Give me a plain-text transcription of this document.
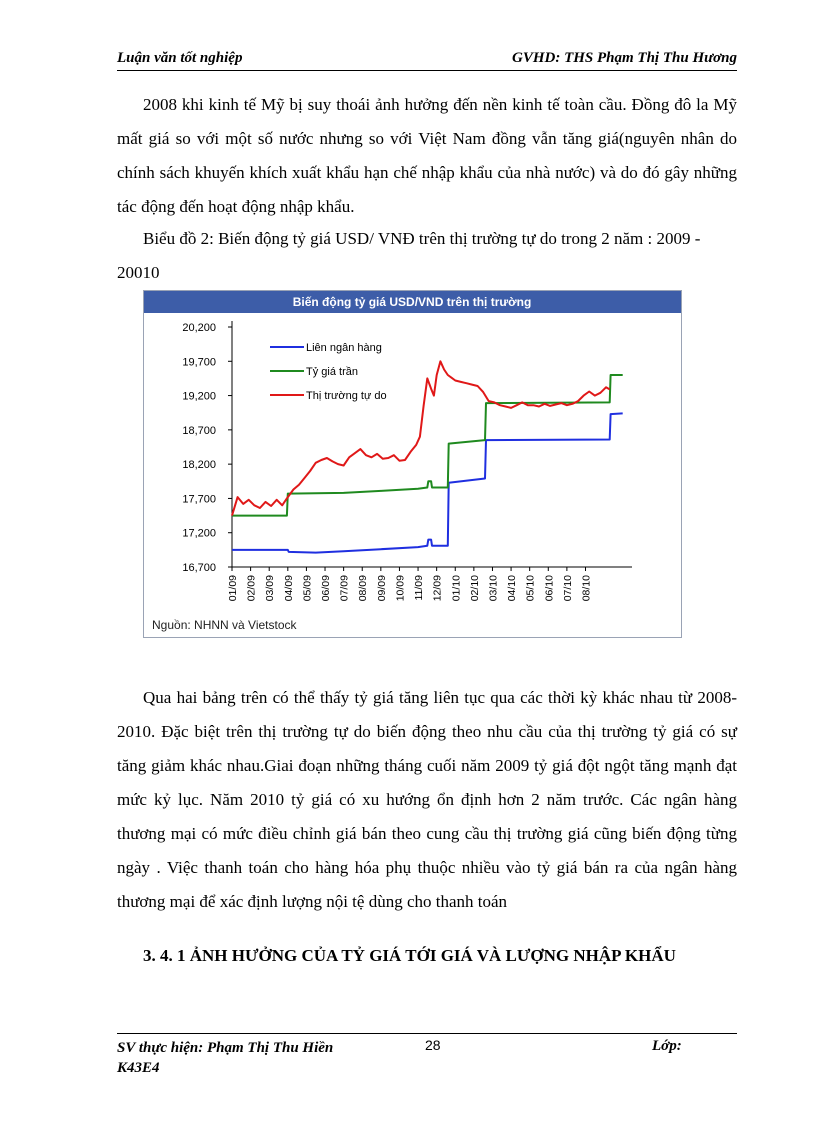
Luận văn tốt nghiệp	GVHD: THS Phạm Thị Thu Hương

2008 khi kinh tế Mỹ bị suy thoái ảnh hưởng đến nền kinh tế toàn cầu. Đồng đô la Mỹ mất giá so với một số nước nhưng so với Việt Nam đồng vẫn tăng giá(nguyên nhân do chính sách khuyến khích xuất khẩu hạn chế nhập khẩu của nhà nước) và do đó gây những tác động đến hoạt động nhập khẩu.

Biểu đồ 2: Biến động tỷ giá USD/ VNĐ trên thị trường tự do trong 2 năm : 2009 - 20010

Biến động tỷ giá USD/VND trên thị trường
20,200
19,700
19,200
18,700
18,200
17,700
17,200
16,700
01/09 02/09 03/09 04/09 05/09 06/09 07/09 08/09 09/09 10/09 11/09 12/09 01/10 02/10 03/10 04/10 05/10 06/10 07/10 08/10
Liên ngân hàng
Tỷ giá trần
Thị trường tự do
Nguồn: NHNN và Vietstock

Qua hai bảng trên có thể thấy tỷ giá tăng liên tục qua các thời kỳ khác nhau từ 2008-2010. Đặc biệt trên thị trường tự do biến động theo nhu cầu của thị trường tỷ giá có sự tăng giảm khác nhau.Giai đoạn những tháng cuối năm 2009 tỷ giá đột ngột tăng mạnh đạt mức kỷ lục. Năm 2010 tỷ giá có xu hướng ổn định hơn 2 năm trước. Các ngân hàng thương mại có mức điều chỉnh giá bán theo cung cầu thị trường giá cũng biến động từng ngày . Việc thanh toán cho hàng hóa phụ thuộc nhiều vào tỷ giá bán ra của ngân hàng thương mại để xác định lượng nội tệ dùng cho thanh toán

3. 4. 1 ẢNH HƯỞNG CỦA TỶ GIÁ TỚI GIÁ VÀ LƯỢNG NHẬP KHẨU

SV thực hiện: Phạm Thị Thu Hiền
K43E4
28	Lớp:
